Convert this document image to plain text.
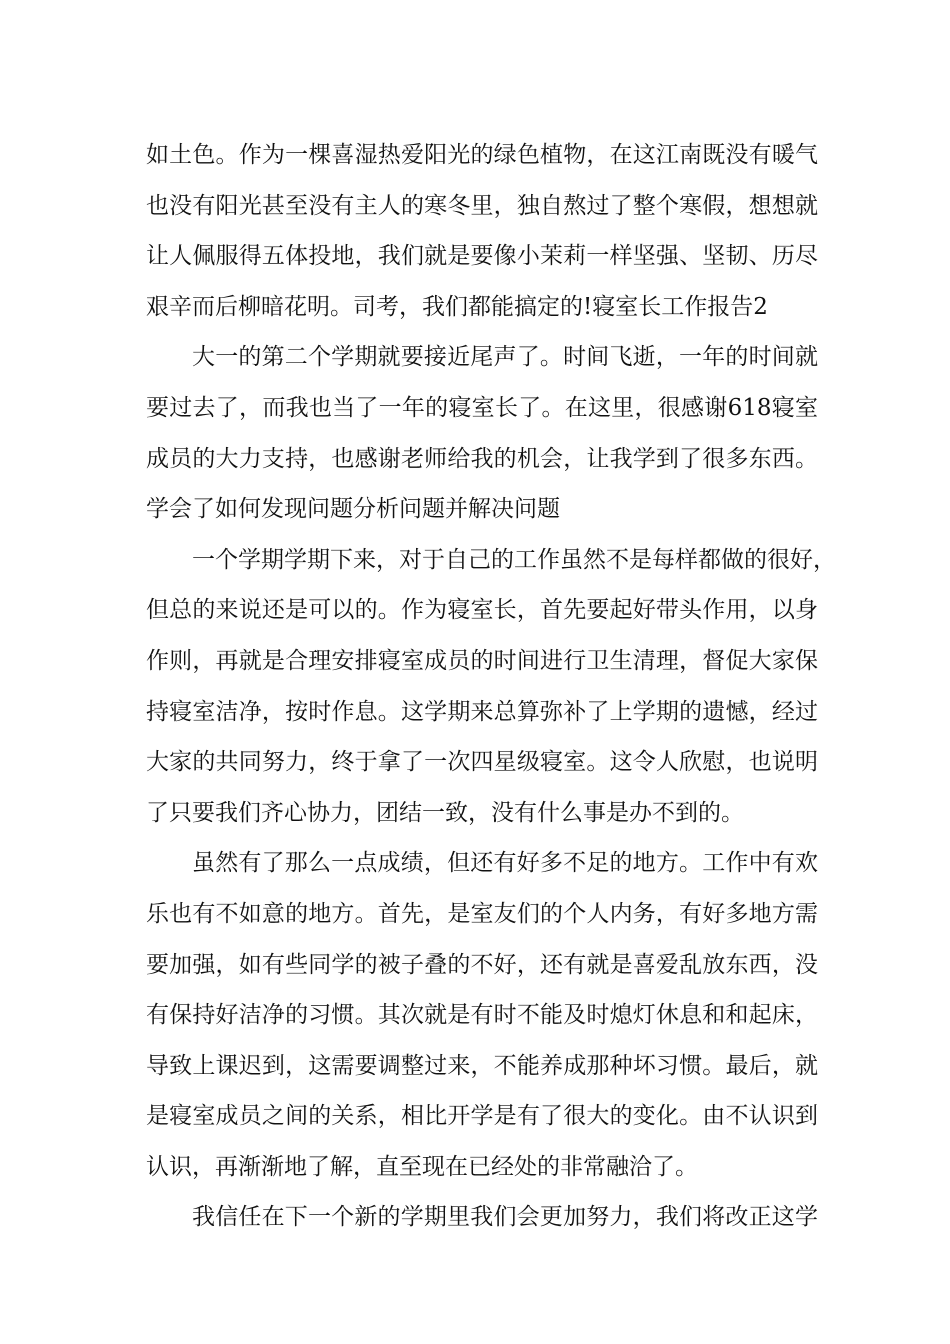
如土色。作为一棵喜湿热爱阳光的绿色植物，在这江南既没有暖气
也没有阳光甚至没有主人的寒冬里，独自熬过了整个寒假，想想就
让人佩服得五体投地，我们就是要像小茉莉一样坚强、坚韧、历尽
艰辛而后柳暗花明。司考，我们都能搞定的!寝室长工作报告2
大一的第二个学期就要接近尾声了。时间飞逝，一年的时间就
要过去了，而我也当了一年的寝室长了。在这里，很感谢618寝室
成员的大力支持，也感谢老师给我的机会，让我学到了很多东西。
学会了如何发现问题分析问题并解决问题
一个学期学期下来，对于自己的工作虽然不是每样都做的很好，
但总的来说还是可以的。作为寝室长，首先要起好带头作用，以身
作则，再就是合理安排寝室成员的时间进行卫生清理，督促大家保
持寝室洁净，按时作息。这学期来总算弥补了上学期的遗憾，经过
大家的共同努力，终于拿了一次四星级寝室。这令人欣慰，也说明
了只要我们齐心协力，团结一致，没有什么事是办不到的。
虽然有了那么一点成绩，但还有好多不足的地方。工作中有欢
乐也有不如意的地方。首先，是室友们的个人内务，有好多地方需
要加强，如有些同学的被子叠的不好，还有就是喜爱乱放东西，没
有保持好洁净的习惯。其次就是有时不能及时熄灯休息和和起床，
导致上课迟到，这需要调整过来，不能养成那种坏习惯。最后，就
是寝室成员之间的关系，相比开学是有了很大的变化。由不认识到
认识，再渐渐地了解，直至现在已经处的非常融洽了。
我信任在下一个新的学期里我们会更加努力，我们将改正这学
